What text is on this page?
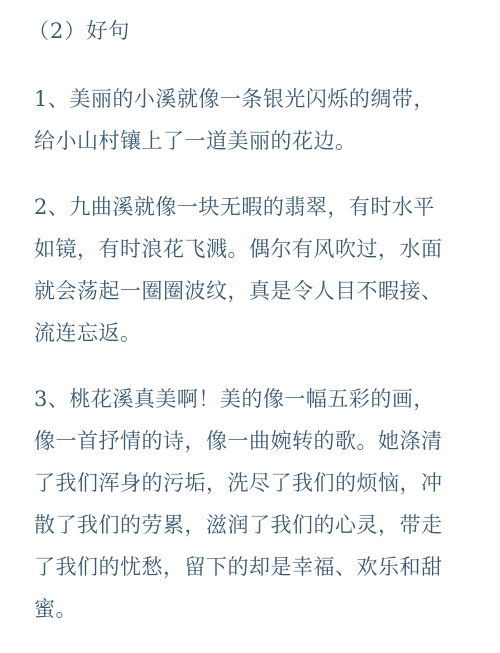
（2）好句
1、美丽的小溪就像一条银光闪烁的绸带，
给小山村镶上了一道美丽的花边。
2、九曲溪就像一块无暇的翡翠，有时水平
如镜，有时浪花飞溅。偶尔有风吹过，水面
就会荡起一圈圈波纹，真是令人目不暇接、
流连忘返。
3、桃花溪真美啊！美的像一幅五彩的画，
像一首抒情的诗，像一曲婉转的歌。她涤清
了我们浑身的污垢，洗尽了我们的烦恼，冲
散了我们的劳累，滋润了我们的心灵，带走
了我们的忧愁，留下的却是幸福、欢乐和甜
蜜。
